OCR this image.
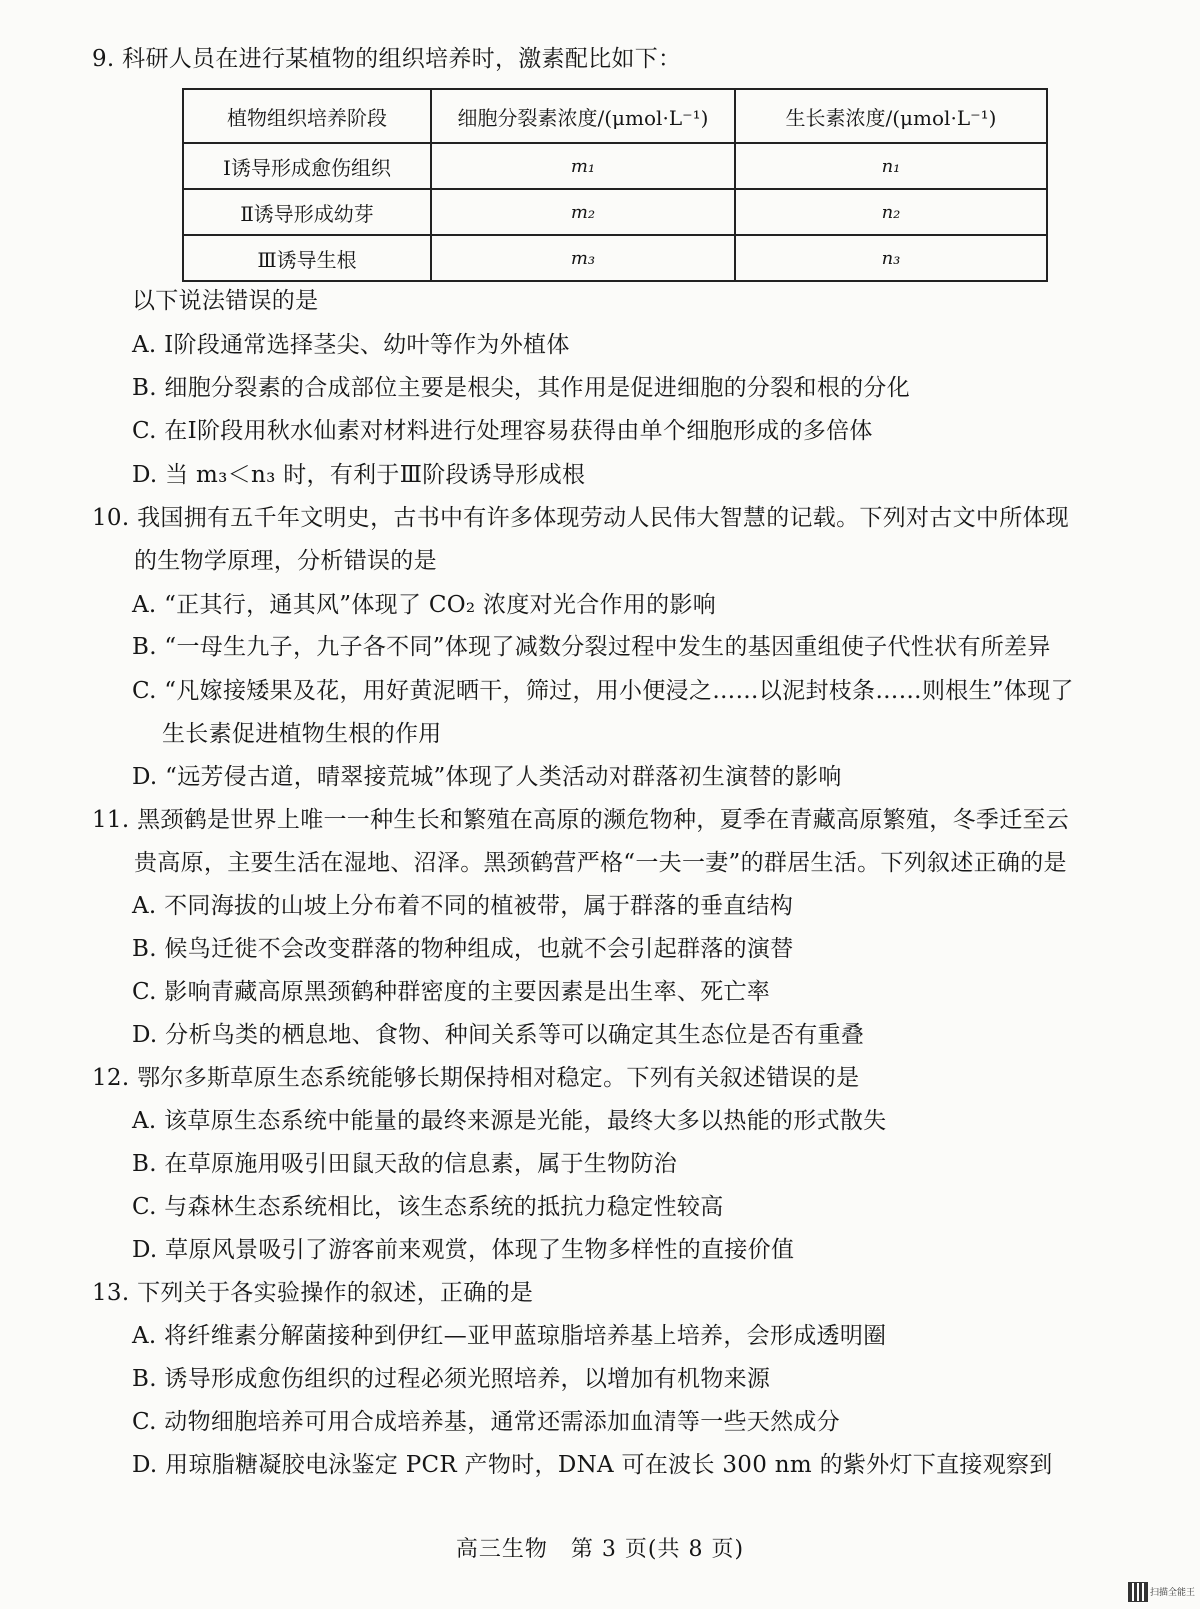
9. 科研人员在进行某植物的组织培养时，激素配比如下：
植物组织培养阶段	细胞分裂素浓度/(μmol·L⁻¹)	生长素浓度/(μmol·L⁻¹)
Ⅰ诱导形成愈伤组织	m₁	n₁
Ⅱ诱导形成幼芽	m₂	n₂
Ⅲ诱导生根	m₃	n₃
以下说法错误的是
A. Ⅰ阶段通常选择茎尖、幼叶等作为外植体
B. 细胞分裂素的合成部位主要是根尖，其作用是促进细胞的分裂和根的分化
C. 在Ⅰ阶段用秋水仙素对材料进行处理容易获得由单个细胞形成的多倍体
D. 当 m₃＜n₃ 时，有利于Ⅲ阶段诱导形成根
10. 我国拥有五千年文明史，古书中有许多体现劳动人民伟大智慧的记载。下列对古文中所体现
的生物学原理，分析错误的是
A. “正其行，通其风”体现了 CO₂ 浓度对光合作用的影响
B. “一母生九子，九子各不同”体现了减数分裂过程中发生的基因重组使子代性状有所差异
C. “凡嫁接矮果及花，用好黄泥晒干，筛过，用小便浸之……以泥封枝条……则根生”体现了
生长素促进植物生根的作用
D. “远芳侵古道，晴翠接荒城”体现了人类活动对群落初生演替的影响
11. 黑颈鹤是世界上唯一一种生长和繁殖在高原的濒危物种，夏季在青藏高原繁殖，冬季迁至云
贵高原，主要生活在湿地、沼泽。黑颈鹤营严格“一夫一妻”的群居生活。下列叙述正确的是
A. 不同海拔的山坡上分布着不同的植被带，属于群落的垂直结构
B. 候鸟迁徙不会改变群落的物种组成，也就不会引起群落的演替
C. 影响青藏高原黑颈鹤种群密度的主要因素是出生率、死亡率
D. 分析鸟类的栖息地、食物、种间关系等可以确定其生态位是否有重叠
12. 鄂尔多斯草原生态系统能够长期保持相对稳定。下列有关叙述错误的是
A. 该草原生态系统中能量的最终来源是光能，最终大多以热能的形式散失
B. 在草原施用吸引田鼠天敌的信息素，属于生物防治
C. 与森林生态系统相比，该生态系统的抵抗力稳定性较高
D. 草原风景吸引了游客前来观赏，体现了生物多样性的直接价值
13. 下列关于各实验操作的叙述，正确的是
A. 将纤维素分解菌接种到伊红—亚甲蓝琼脂培养基上培养，会形成透明圈
B. 诱导形成愈伤组织的过程必须光照培养，以增加有机物来源
C. 动物细胞培养可用合成培养基，通常还需添加血清等一些天然成分
D. 用琼脂糖凝胶电泳鉴定 PCR 产物时，DNA 可在波长 300 nm 的紫外灯下直接观察到
高三生物　第 3 页(共 8 页)
扫描全能王
